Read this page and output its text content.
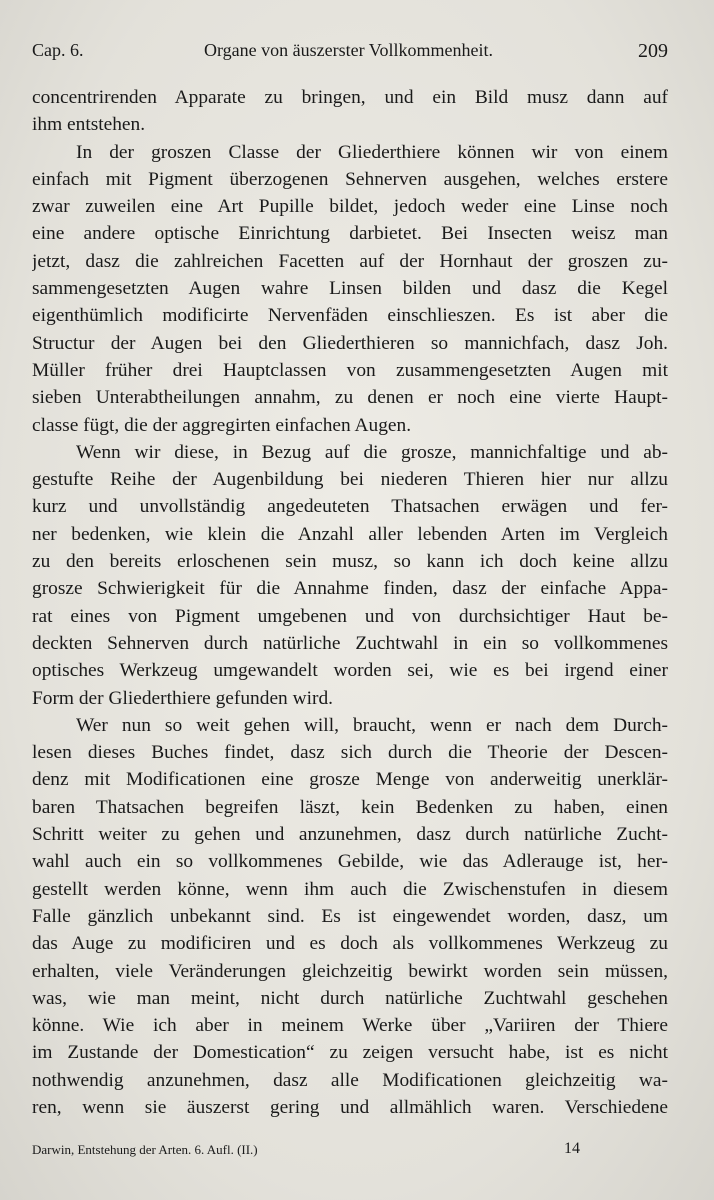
Cap. 6.	Organe von äuszerster Vollkommenheit.	209
concentrirenden Apparate zu bringen, und ein Bild musz dann auf
ihm entstehen.
In der groszen Classe der Gliederthiere können wir von einem
einfach mit Pigment überzogenen Sehnerven ausgehen, welches erstere
zwar zuweilen eine Art Pupille bildet, jedoch weder eine Linse noch
eine andere optische Einrichtung darbietet. Bei Insecten weisz man
jetzt, dasz die zahlreichen Facetten auf der Hornhaut der groszen zu-
sammengesetzten Augen wahre Linsen bilden und dasz die Kegel
eigenthümlich modificirte Nervenfäden einschlieszen. Es ist aber die
Structur der Augen bei den Gliederthieren so mannichfach, dasz Joh.
Müller früher drei Hauptclassen von zusammengesetzten Augen mit
sieben Unterabtheilungen annahm, zu denen er noch eine vierte Haupt-
classe fügt, die der aggregirten einfachen Augen.
Wenn wir diese, in Bezug auf die grosze, mannichfaltige und ab-
gestufte Reihe der Augenbildung bei niederen Thieren hier nur allzu
kurz und unvollständig angedeuteten Thatsachen erwägen und fer-
ner bedenken, wie klein die Anzahl aller lebenden Arten im Vergleich
zu den bereits erloschenen sein musz, so kann ich doch keine allzu
grosze Schwierigkeit für die Annahme finden, dasz der einfache Appa-
rat eines von Pigment umgebenen und von durchsichtiger Haut be-
deckten Sehnerven durch natürliche Zuchtwahl in ein so vollkommenes
optisches Werkzeug umgewandelt worden sei, wie es bei irgend einer
Form der Gliederthiere gefunden wird.
Wer nun so weit gehen will, braucht, wenn er nach dem Durch-
lesen dieses Buches findet, dasz sich durch die Theorie der Descen-
denz mit Modificationen eine grosze Menge von anderweitig unerklär-
baren Thatsachen begreifen läszt, kein Bedenken zu haben, einen
Schritt weiter zu gehen und anzunehmen, dasz durch natürliche Zucht-
wahl auch ein so vollkommenes Gebilde, wie das Adlerauge ist, her-
gestellt werden könne, wenn ihm auch die Zwischenstufen in diesem
Falle gänzlich unbekannt sind. Es ist eingewendet worden, dasz, um
das Auge zu modificiren und es doch als vollkommenes Werkzeug zu
erhalten, viele Veränderungen gleichzeitig bewirkt worden sein müssen,
was, wie man meint, nicht durch natürliche Zuchtwahl geschehen
könne. Wie ich aber in meinem Werke über „Variiren der Thiere
im Zustande der Domestication“ zu zeigen versucht habe, ist es nicht
nothwendig anzunehmen, dasz alle Modificationen gleichzeitig wa-
ren, wenn sie äuszerst gering und allmählich waren. Verschiedene
Darwin, Entstehung der Arten. 6. Aufl. (II.)	14
